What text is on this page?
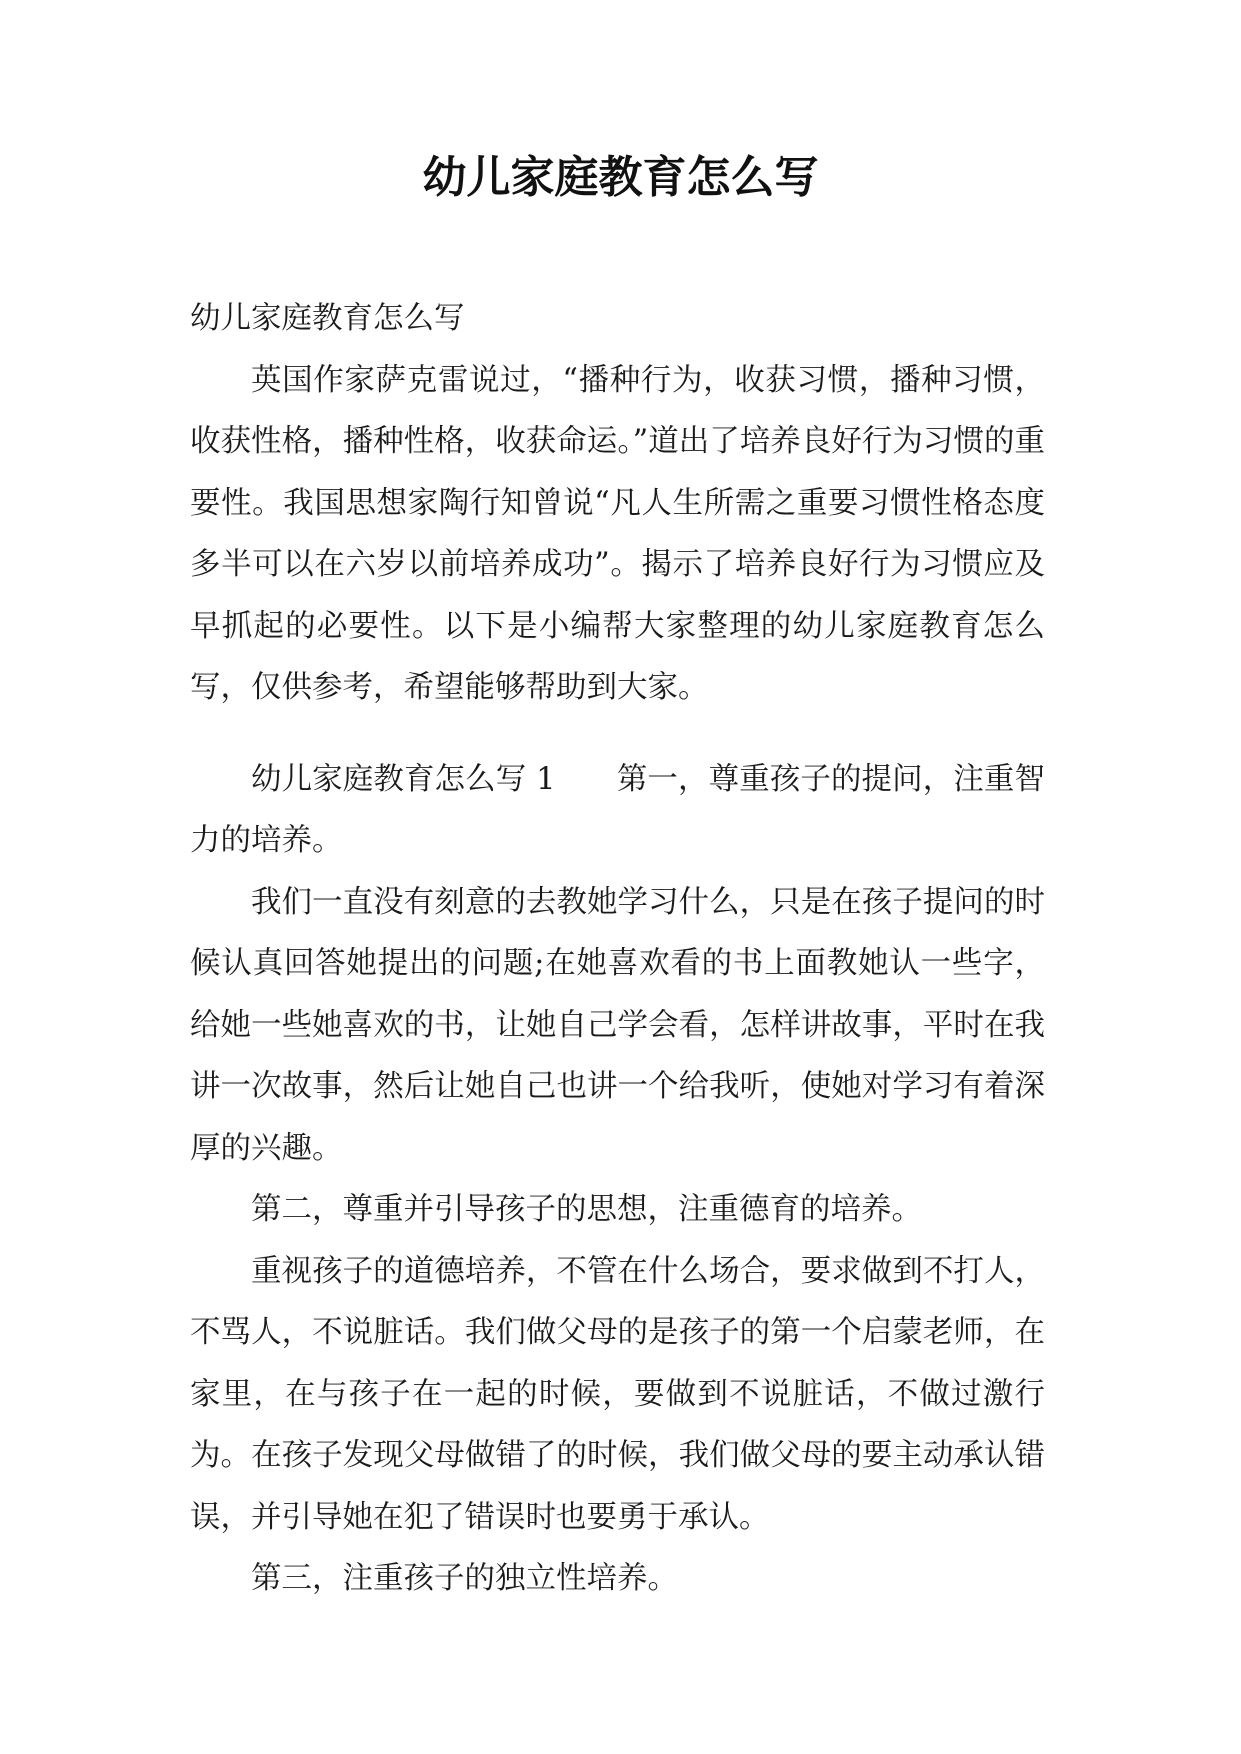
幼儿家庭教育怎么写

幼儿家庭教育怎么写

英国作家萨克雷说过，“播种行为，收获习惯，播种习惯，收获性格，播种性格，收获命运。”道出了培养良好行为习惯的重要性。我国思想家陶行知曾说“凡人生所需之重要习惯性格态度多半可以在六岁以前培养成功”。揭示了培养良好行为习惯应及早抓起的必要性。以下是小编帮大家整理的幼儿家庭教育怎么写，仅供参考，希望能够帮助到大家。

幼儿家庭教育怎么写 1　　 第一，尊重孩子的提问，注重智力的培养。

我们一直没有刻意的去教她学习什么，只是在孩子提问的时候认真回答她提出的问题;在她喜欢看的书上面教她认一些字，给她一些她喜欢的书，让她自己学会看，怎样讲故事，平时在我讲一次故事，然后让她自己也讲一个给我听，使她对学习有着深厚的兴趣。

第二，尊重并引导孩子的思想，注重德育的培养。

重视孩子的道德培养，不管在什么场合，要求做到不打人，不骂人，不说脏话。我们做父母的是孩子的第一个启蒙老师，在家里，在与孩子在一起的时候，要做到不说脏话，不做过激行为。在孩子发现父母做错了的时候，我们做父母的要主动承认错误，并引导她在犯了错误时也要勇于承认。

第三，注重孩子的独立性培养。
